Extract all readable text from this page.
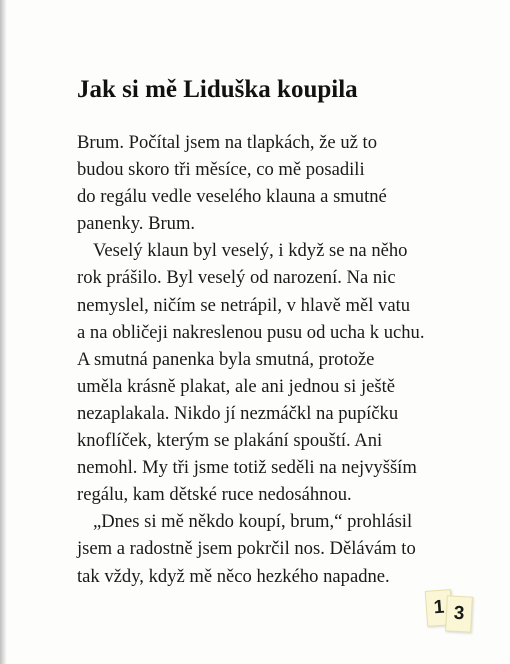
Jak si mě Liduška koupila
Brum. Počítal jsem na tlapkách, že už to
budou skoro tři měsíce, co mě posadili
do regálu vedle veselého klauna a smutné
panenky. Brum.
Veselý klaun byl veselý, i když se na něho
rok prášilo. Byl veselý od narození. Na nic
nemyslel, ničím se netrápil, v hlavě měl vatu
a na obličeji nakreslenou pusu od ucha k uchu.
A smutná panenka byla smutná, protože
uměla krásně plakat, ale ani jednou si ještě
nezaplakala. Nikdo jí nezmáčkl na pupíčku
knoflíček, kterým se plakání spouští. Ani
nemohl. My tři jsme totiž seděli na nejvyšším
regálu, kam dětské ruce nedosáhnou.
„Dnes si mě někdo koupí, brum,“ prohlásil
jsem a radostně jsem pokrčil nos. Dělávám to
tak vždy, když mě něco hezkého napadne.
1 3
